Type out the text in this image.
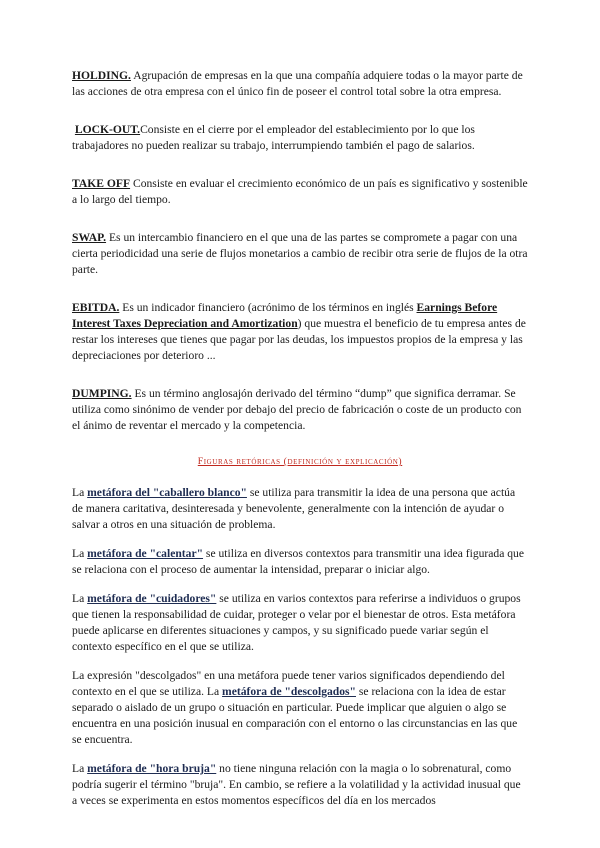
HOLDING. Agrupación de empresas en la que una compañía adquiere todas o la mayor parte de las acciones de otra empresa con el único fin de poseer el control total sobre la otra empresa.

LOCK-OUT.Consiste en el cierre por el empleador del establecimiento por lo que los trabajadores no pueden realizar su trabajo, interrumpiendo también el pago de salarios.

TAKE OFF Consiste en evaluar el crecimiento económico de un país es significativo y sostenible a lo largo del tiempo.

SWAP. Es un intercambio financiero en el que una de las partes se compromete a pagar con una cierta periodicidad una serie de flujos monetarios a cambio de recibir otra serie de flujos de la otra parte.

EBITDA. Es un indicador financiero (acrónimo de los términos en inglés Earnings Before Interest Taxes Depreciation and Amortization) que muestra el beneficio de tu empresa antes de restar los intereses que tienes que pagar por las deudas, los impuestos propios de la empresa y las depreciaciones por deterioro ...

DUMPING. Es un término anglosajón derivado del término “dump” que significa derramar. Se utiliza como sinónimo de vender por debajo del precio de fabricación o coste de un producto con el ánimo de reventar el mercado y la competencia.

Figuras retóricas (definición y explicación)

La metáfora del "caballero blanco" se utiliza para transmitir la idea de una persona que actúa de manera caritativa, desinteresada y benevolente, generalmente con la intención de ayudar o salvar a otros en una situación de problema.

La metáfora de "calentar" se utiliza en diversos contextos para transmitir una idea figurada que se relaciona con el proceso de aumentar la intensidad, preparar o iniciar algo.

La metáfora de "cuidadores" se utiliza en varios contextos para referirse a individuos o grupos que tienen la responsabilidad de cuidar, proteger o velar por el bienestar de otros. Esta metáfora puede aplicarse en diferentes situaciones y campos, y su significado puede variar según el contexto específico en el que se utiliza.

La expresión "descolgados" en una metáfora puede tener varios significados dependiendo del contexto en el que se utiliza. La metáfora de "descolgados" se relaciona con la idea de estar separado o aislado de un grupo o situación en particular. Puede implicar que alguien o algo se encuentra en una posición inusual en comparación con el entorno o las circunstancias en las que se encuentra.

La metáfora de "hora bruja" no tiene ninguna relación con la magia o lo sobrenatural, como podría sugerir el término "bruja". En cambio, se refiere a la volatilidad y la actividad inusual que a veces se experimenta en estos momentos específicos del día en los mercados
